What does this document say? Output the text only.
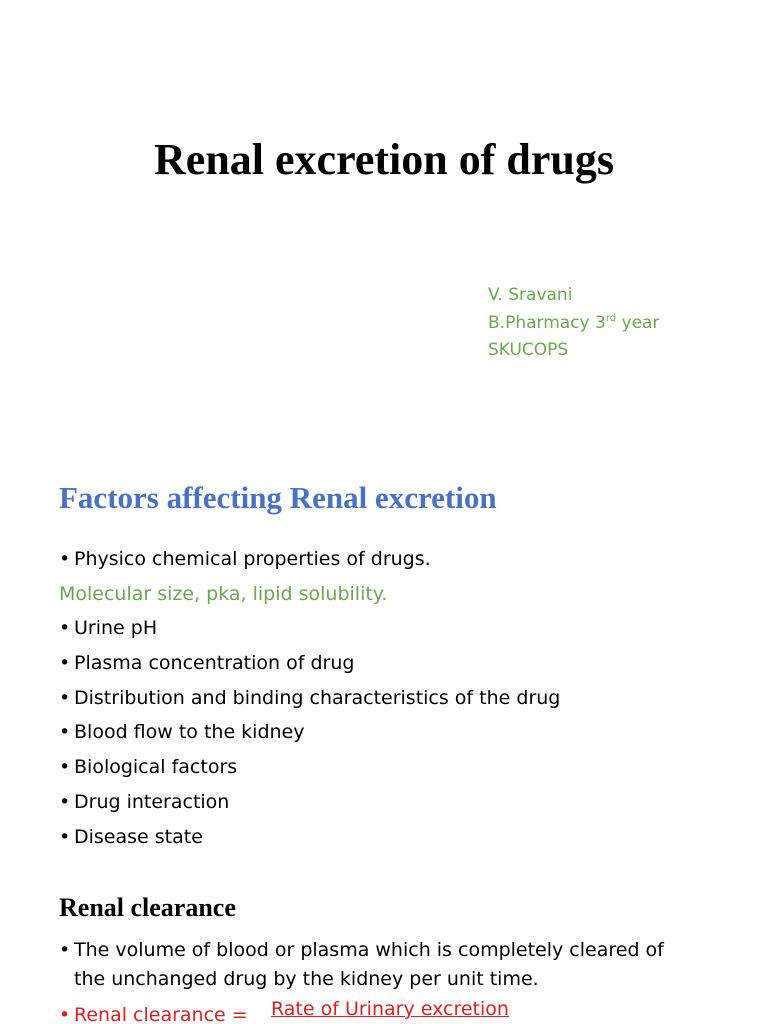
Renal excretion of drugs
V. Sravani
B.Pharmacy 3rd year
SKUCOPS
Factors affecting Renal excretion
• Physico chemical properties of drugs.
Molecular size, pka, lipid solubility.
• Urine pH
• Plasma concentration of drug
• Distribution and binding characteristics of the drug
• Blood flow to the kidney
• Biological factors
• Drug interaction
• Disease state
Renal clearance
• The volume of blood or plasma which is completely cleared of
the unchanged drug by the kidney per unit time.
• Renal clearance = Rate of Urinary excretion
